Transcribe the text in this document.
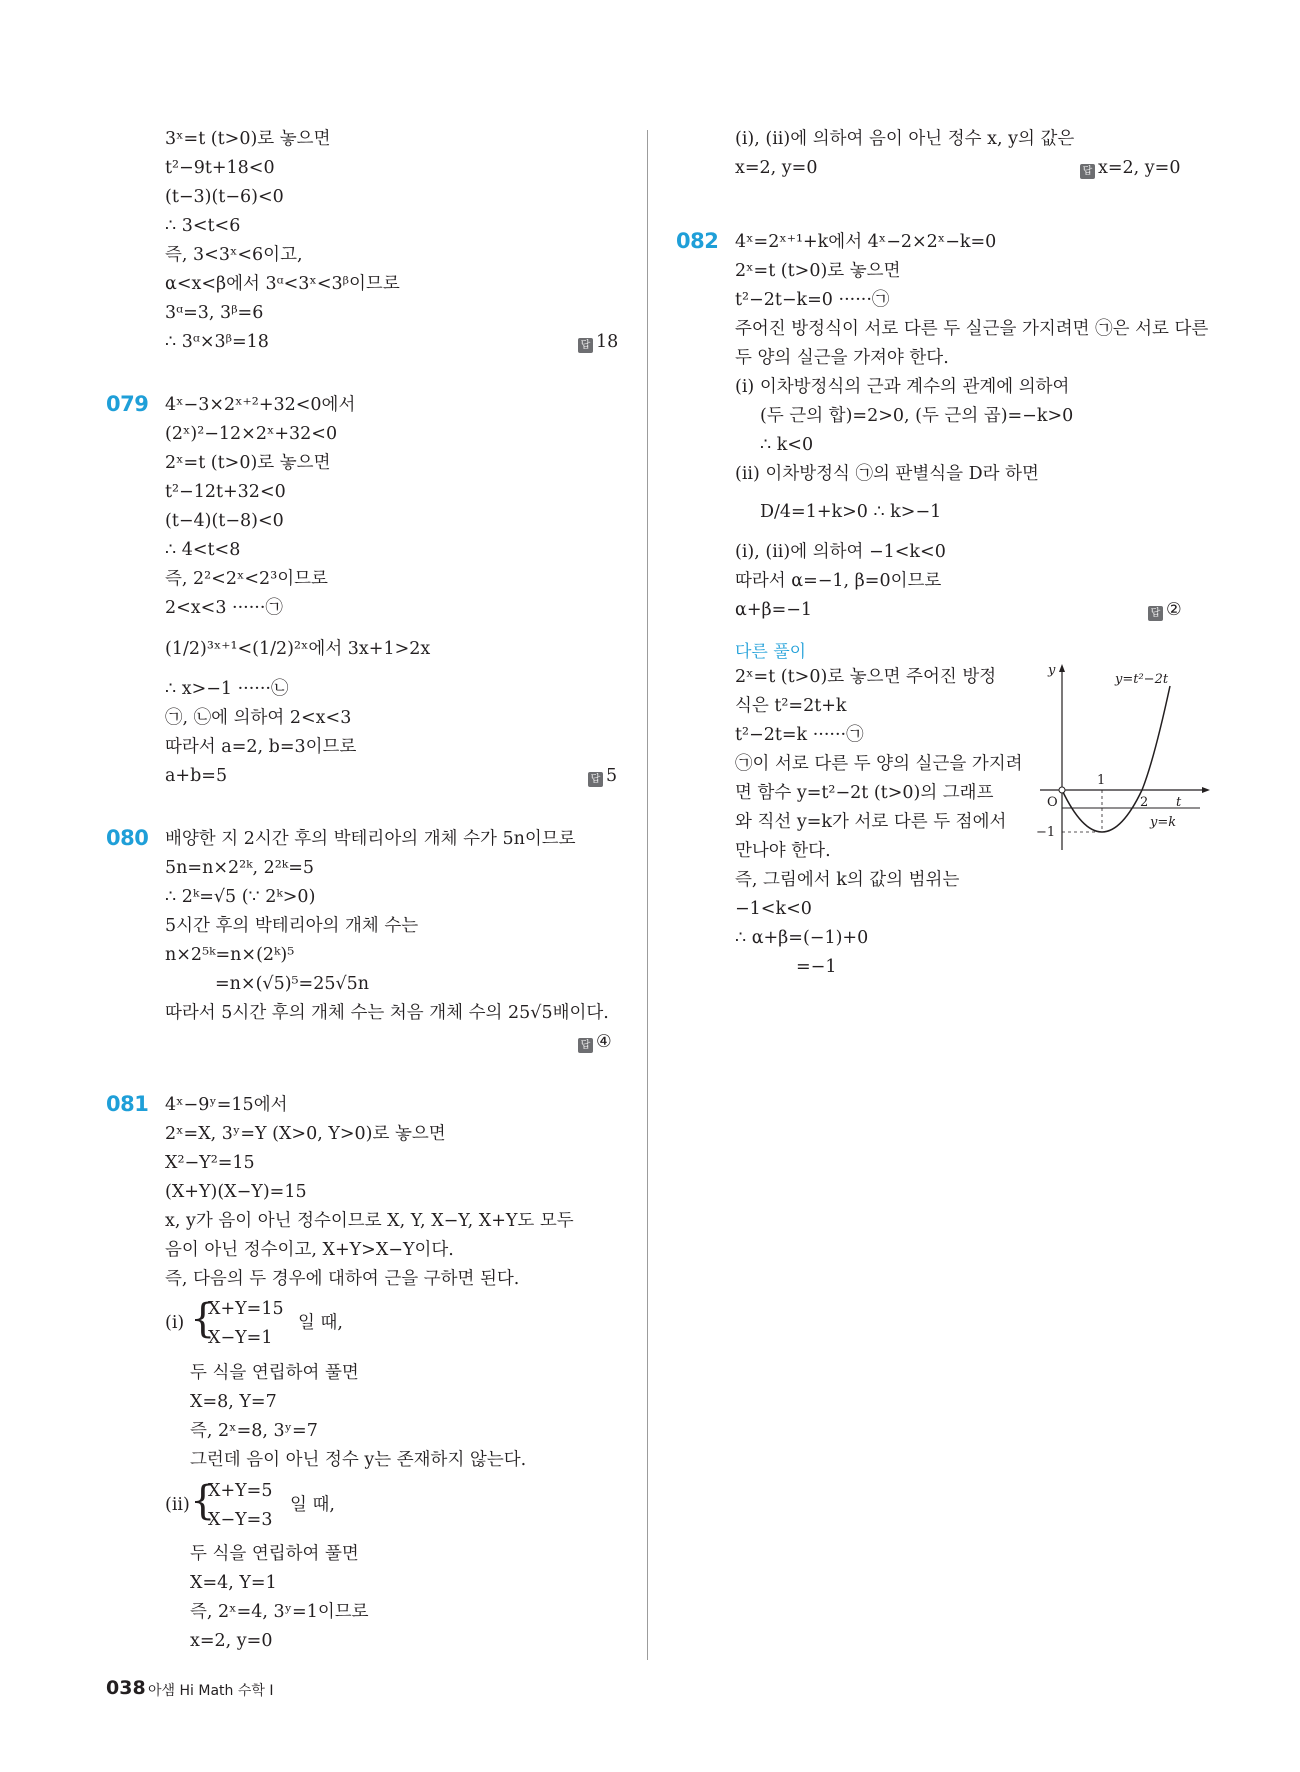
3ˣ=t (t>0)로 놓으면
t²−9t+18<0
(t−3)(t−6)<0
∴ 3<t<6
즉, 3<3ˣ<6이고,
α<x<β에서 3ᵅ<3ˣ<3ᵝ이므로
3ᵅ=3, 3ᵝ=6
∴ 3ᵅ×3ᵝ=18	답 18
079 4ˣ−3×2ˣ⁺²+32<0에서
(2ˣ)²−12×2ˣ+32<0
2ˣ=t (t>0)로 놓으면
t²−12t+32<0
(t−4)(t−8)<0
∴ 4<t<8
즉, 2²<2ˣ<2³이므로
2<x<3 ······㉠
(1/2)³ˣ⁺¹<(1/2)²ˣ에서 3x+1>2x
∴ x>−1 ······㉡
㉠, ㉡에 의하여 2<x<3
따라서 a=2, b=3이므로
a+b=5	답 5
080 배양한 지 2시간 후의 박테리아의 개체 수가 5n이므로
5n=n×2²ᵏ, 2²ᵏ=5
∴ 2ᵏ=√5 (∵ 2ᵏ>0)
5시간 후의 박테리아의 개체 수는
n×2⁵ᵏ=n×(2ᵏ)⁵
=n×(√5)⁵=25√5n
따라서 5시간 후의 개체 수는 처음 개체 수의 25√5배이다.
답 ④
081 4ˣ−9ʸ=15에서
2ˣ=X, 3ʸ=Y (X>0, Y>0)로 놓으면
X²−Y²=15
(X+Y)(X−Y)=15
x, y가 음이 아닌 정수이므로 X, Y, X−Y, X+Y도 모두
음이 아닌 정수이고, X+Y>X−Y이다.
즉, 다음의 두 경우에 대하여 근을 구하면 된다.
(i) {
X+Y=15
X−Y=1
일 때,
두 식을 연립하여 풀면
X=8, Y=7
즉, 2ˣ=8, 3ʸ=7
그런데 음이 아닌 정수 y는 존재하지 않는다.
(ii) {
X+Y=5
X−Y=3
일 때,
두 식을 연립하여 풀면
X=4, Y=1
즉, 2ˣ=4, 3ʸ=1이므로
x=2, y=0
(i), (ii)에 의하여 음이 아닌 정수 x, y의 값은
x=2, y=0	답 x=2, y=0
082 4ˣ=2ˣ⁺¹+k에서 4ˣ−2×2ˣ−k=0
2ˣ=t (t>0)로 놓으면
t²−2t−k=0 ······㉠
주어진 방정식이 서로 다른 두 실근을 가지려면 ㉠은 서로 다른
두 양의 실근을 가져야 한다.
(i) 이차방정식의 근과 계수의 관계에 의하여
(두 근의 합)=2>0, (두 근의 곱)=−k>0
∴ k<0
(ii) 이차방정식 ㉠의 판별식을 D라 하면
D/4=1+k>0 ∴ k>−1
(i), (ii)에 의하여 −1<k<0
따라서 α=−1, β=0이므로
α+β=−1	답 ②
다른 풀이
2ˣ=t (t>0)로 놓으면 주어진 방정
식은 t²=2t+k
t²−2t=k ······㉠
㉠이 서로 다른 두 양의 실근을 가지려
면 함수 y=t²−2t (t>0)의 그래프
와 직선 y=k가 서로 다른 두 점에서
만나야 한다.
즉, 그림에서 k의 값의 범위는
−1<k<0
∴ α+β=(−1)+0
=−1
y
y=t²−2t
1
O	2 t
y=k
−1
038 아샘 Hi Math 수학 I
